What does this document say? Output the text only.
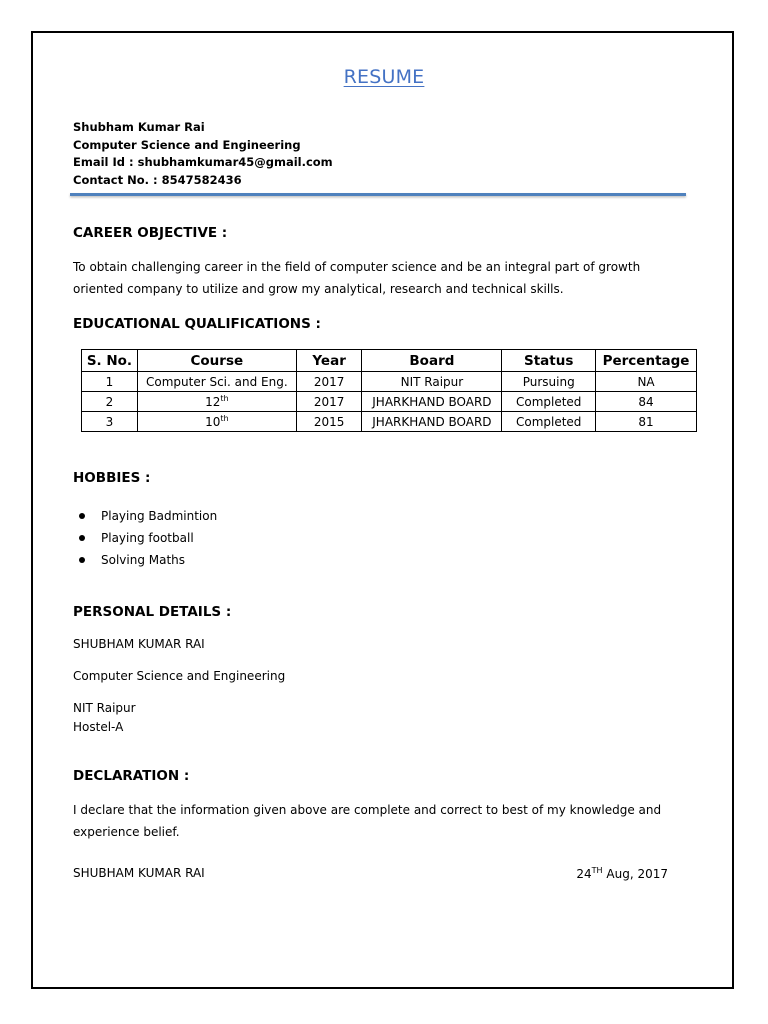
RESUME
Shubham Kumar Rai
Computer Science and Engineering
Email Id : shubhamkumar45@gmail.com
Contact No. : 8547582436
CAREER OBJECTIVE :
To obtain challenging career in the field of computer science and be an integral part of growth oriented company to utilize and grow my analytical, research and technical skills.
EDUCATIONAL QUALIFICATIONS :
S. No.	Course	Year	Board	Status	Percentage
1	Computer Sci. and Eng.	2017	NIT Raipur	Pursuing	NA
2	12th	2017	JHARKHAND BOARD	Completed	84
3	10th	2015	JHARKHAND BOARD	Completed	81
HOBBIES :
Playing Badmintion
Playing football
Solving Maths
PERSONAL DETAILS :
SHUBHAM KUMAR RAI
Computer Science and Engineering
NIT Raipur
Hostel-A
DECLARATION :
I declare that the information given above are complete and correct to best of my knowledge and experience belief.
SHUBHAM KUMAR RAI	24TH Aug, 2017
